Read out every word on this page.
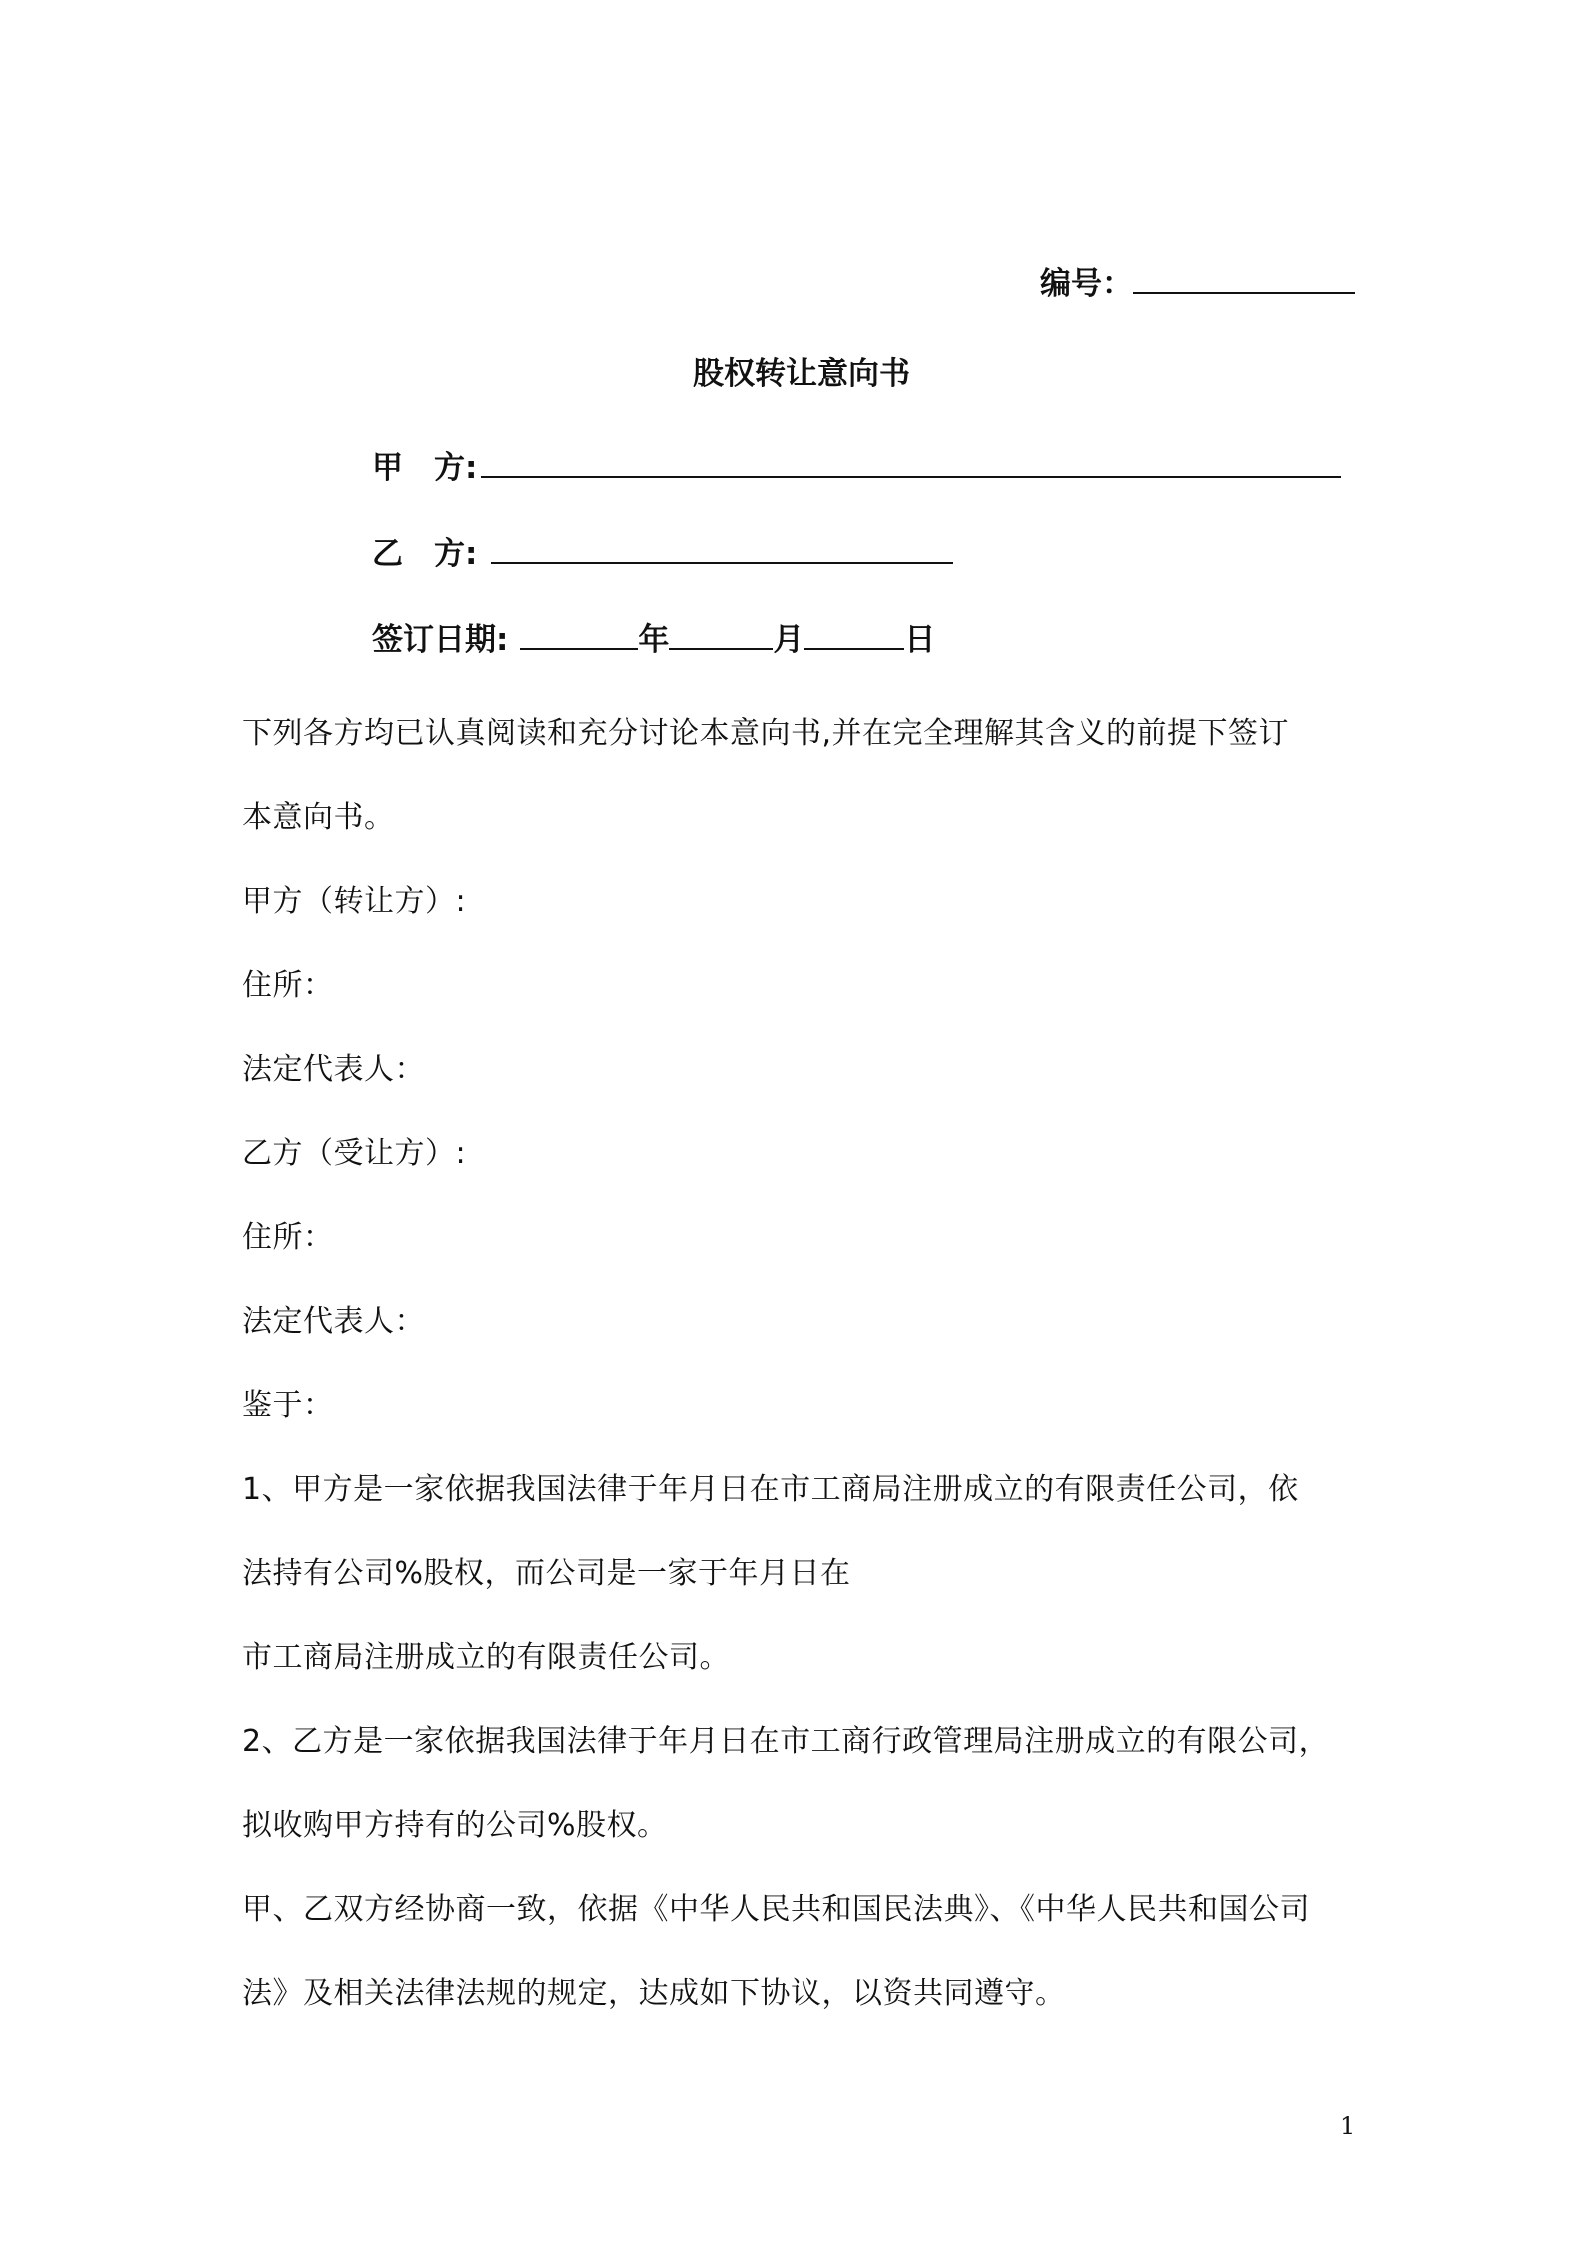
编号：
股权转让意向书
甲　方:
乙　方:
签订日期:	年	月	日
下列各方均已认真阅读和充分讨论本意向书,并在完全理解其含义的前提下签订
本意向书。
甲方（转让方）:
住所：
法定代表人：
乙方（受让方）:
住所：
法定代表人：
鉴于：
1、甲方是一家依据我国法律于年月日在市工商局注册成立的有限责任公司，依
法持有公司%股权，而公司是一家于年月日在
市工商局注册成立的有限责任公司。
2、乙方是一家依据我国法律于年月日在市工商行政管理局注册成立的有限公司，
拟收购甲方持有的公司%股权。
甲、乙双方经协商一致，依据《中华人民共和国民法典》、《中华人民共和国公司
法》及相关法律法规的规定，达成如下协议，以资共同遵守。
1
